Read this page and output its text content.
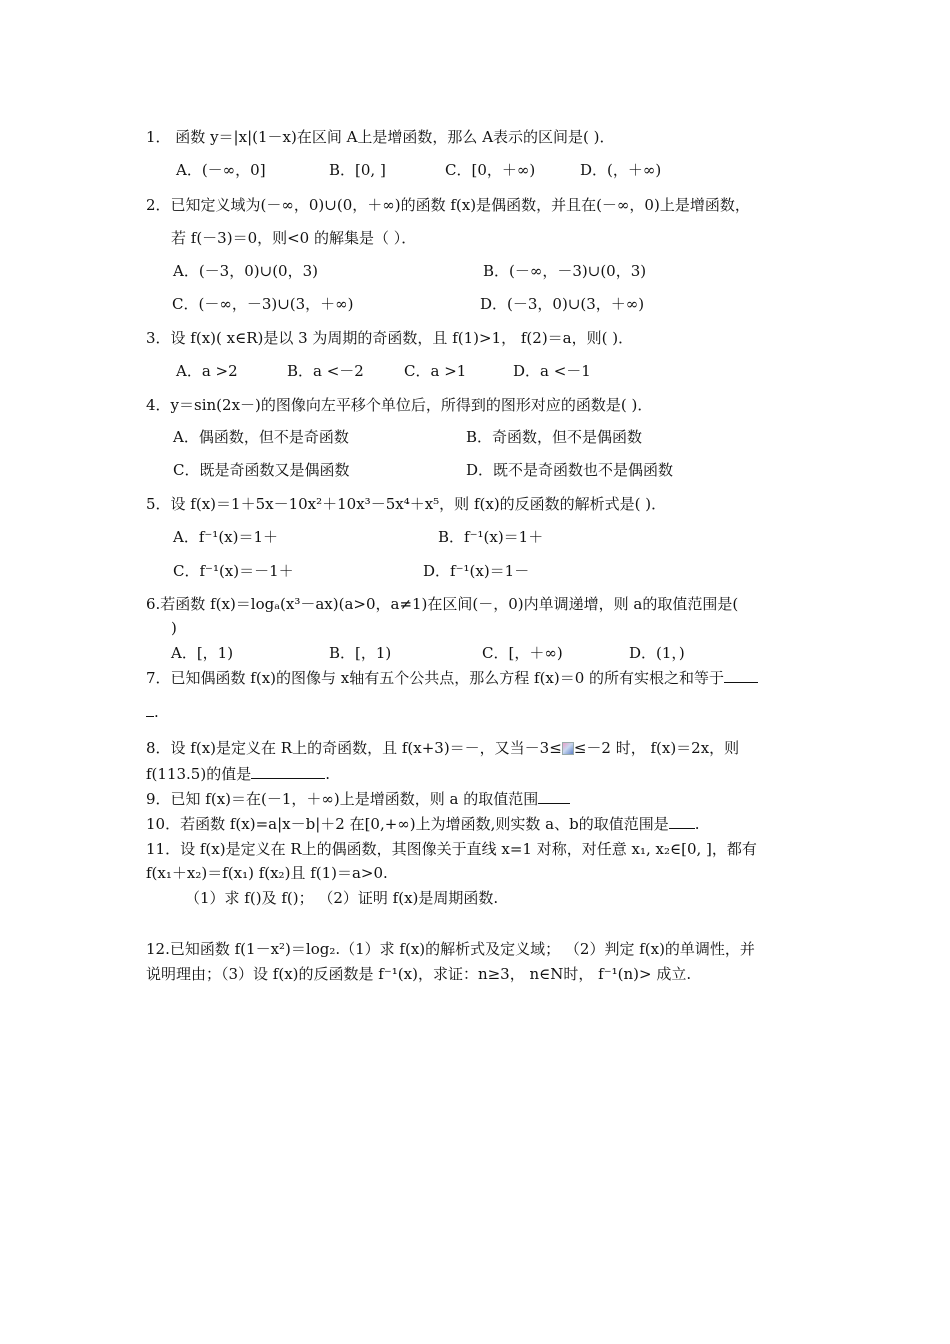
1． 函数 y＝|x|(1－x)在区间 A上是增函数，那么 A表示的区间是( )．
A．(－∞，0]	B．[0, ]	C．[0，＋∞)	D．(，＋∞)
2．已知定义域为(－∞，0)∪(0，＋∞)的函数 f(x)是偶函数，并且在(－∞，0)上是增函数，
若 f(－3)＝0，则<0 的解集是（ ）．
A．(－3，0)∪(0，3)	B．(－∞，－3)∪(0，3)
C．(－∞，－3)∪(3，＋∞)	D．(－3，0)∪(3，＋∞)
3．设 f(x)( x∈R)是以 3 为周期的奇函数，且 f(1)>1， f(2)＝a，则( )．
A．a >2	B．a <－2	C．a >1	D．a <－1
4．y＝sin(2x－)的图像向左平移个单位后，所得到的图形对应的函数是( )．
A．偶函数，但不是奇函数	B．奇函数，但不是偶函数
C．既是奇函数又是偶函数	D．既不是奇函数也不是偶函数
5．设 f(x)＝1＋5x－10x²＋10x³－5x⁴＋x⁵，则 f(x)的反函数的解析式是( )．
A．f⁻¹(x)＝1＋	B．f⁻¹(x)＝1＋
C．f⁻¹(x)＝－1＋	D．f⁻¹(x)＝1－
6.若函数 f(x)＝logₐ(x³－ax)(a>0，a≠1)在区间(－，0)内单调递增，则 a的取值范围是(
)
A．[，1)	B．[，1)	C．[，＋∞)	D．(1，)
7．已知偶函数 f(x)的图像与 x轴有五个公共点，那么方程 f(x)＝0 的所有实根之和等于
.
8．设 f(x)是定义在 R上的奇函数，且 f(x+3)＝－，又当－3≤ ≤－2 时， f(x)＝2x，则
f(113.5)的值是	.
9．已知 f(x)＝在(－1，＋∞)上是增函数，则 a 的取值范围
10．若函数 f(x)=a|x－b|＋2 在[0,+∞)上为增函数,则实数 a、b的取值范围是 .
11．设 f(x)是定义在 R上的偶函数，其图像关于直线 x=1 对称，对任意 x₁, x₂∈[0, ]，都有
f(x₁＋x₂)＝f(x₁) f(x₂)且 f(1)＝a>0.
（1）求 f()及 f()； （2）证明 f(x)是周期函数.
12.已知函数 f(1－x²)＝log₂.（1）求 f(x)的解析式及定义域； （2）判定 f(x)的单调性，并
说明理由；（3）设 f(x)的反函数是 f⁻¹(x)，求证：n≥3， n∈N时， f⁻¹(n)> 成立.
